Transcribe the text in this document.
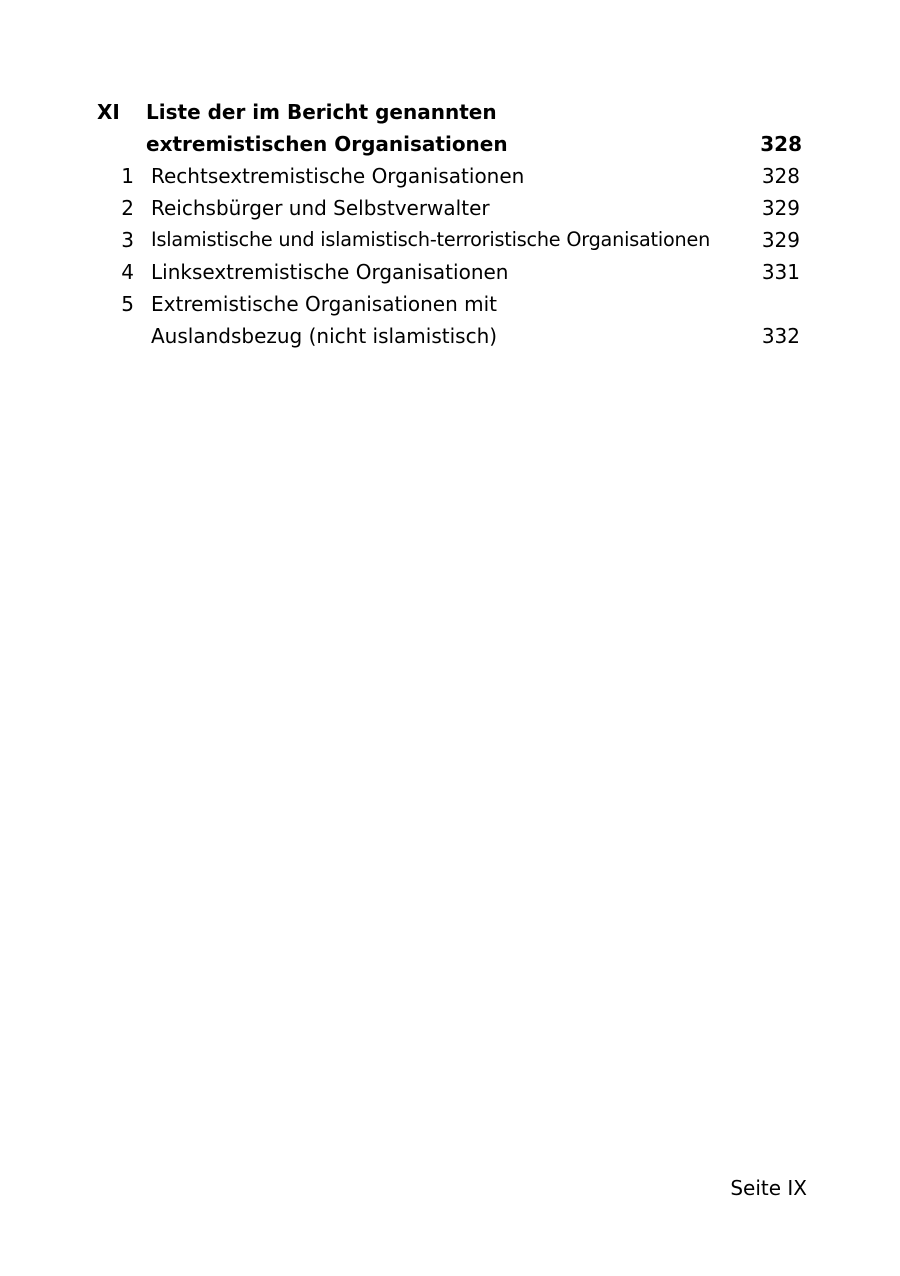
XI Liste der im Bericht genannten
extremistischen Organisationen	328
1 Rechtsextremistische Organisationen	328
2 Reichsbürger und Selbstverwalter	329
3 Islamistische und islamistisch-terroristische Organisationen	329
4 Linksextremistische Organisationen	331
5 Extremistische Organisationen mit
Auslandsbezug (nicht islamistisch)	332
Seite IX
